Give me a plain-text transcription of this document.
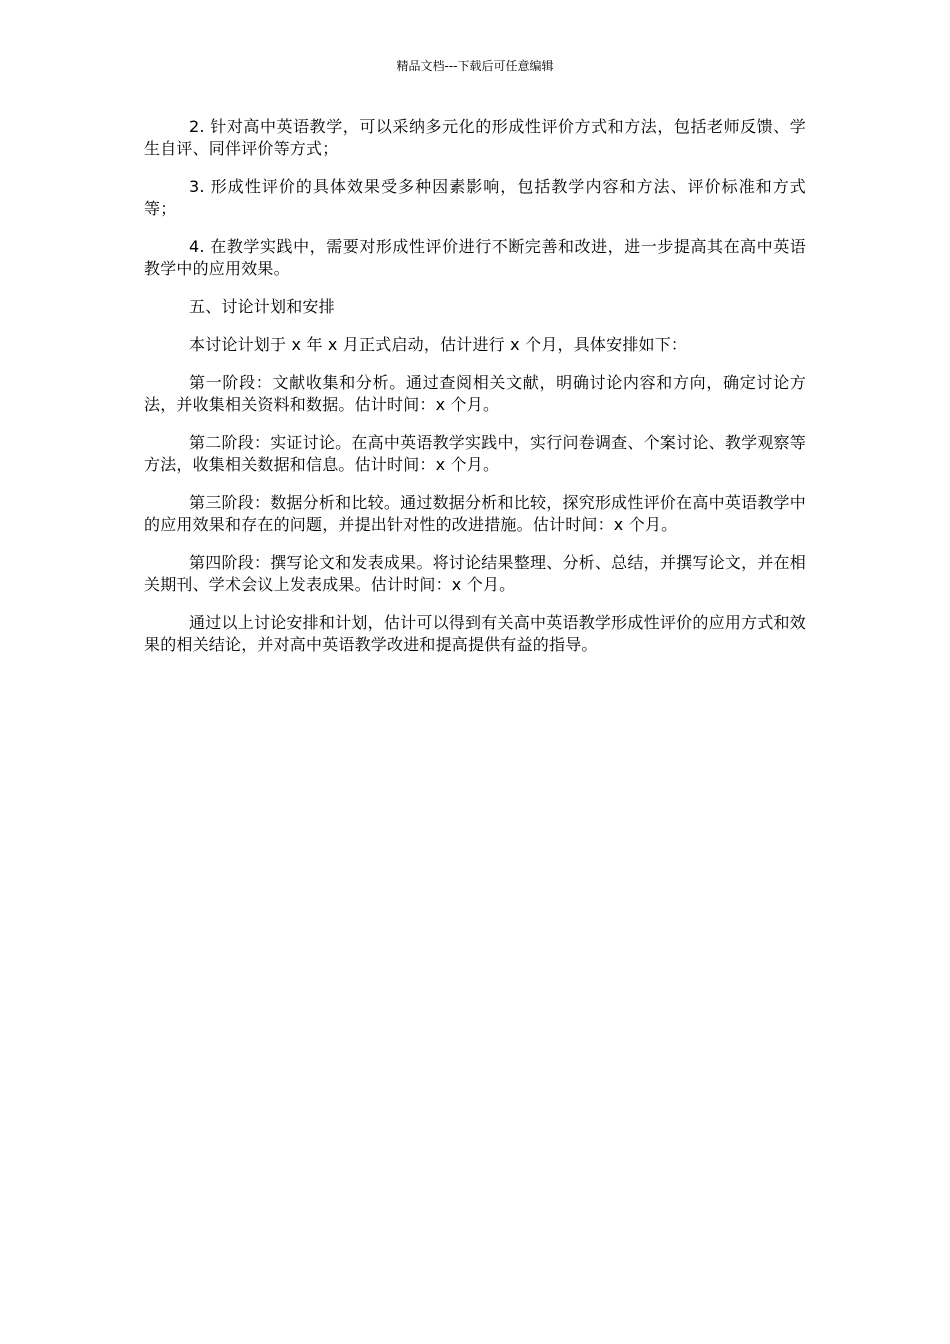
精品文档---下载后可任意编辑

2. 针对高中英语教学，可以采纳多元化的形成性评价方式和方法，包括老师反馈、学生自评、同伴评价等方式；

3. 形成性评价的具体效果受多种因素影响，包括教学内容和方法、评价标准和方式等；

4. 在教学实践中，需要对形成性评价进行不断完善和改进，进一步提高其在高中英语教学中的应用效果。

五、讨论计划和安排

本讨论计划于 x 年 x 月正式启动，估计进行 x 个月，具体安排如下：

第一阶段：文献收集和分析。通过查阅相关文献，明确讨论内容和方向，确定讨论方法，并收集相关资料和数据。估计时间：x 个月。

第二阶段：实证讨论。在高中英语教学实践中，实行问卷调查、个案讨论、教学观察等方法，收集相关数据和信息。估计时间：x 个月。

第三阶段：数据分析和比较。通过数据分析和比较，探究形成性评价在高中英语教学中的应用效果和存在的问题，并提出针对性的改进措施。估计时间：x 个月。

第四阶段：撰写论文和发表成果。将讨论结果整理、分析、总结，并撰写论文，并在相关期刊、学术会议上发表成果。估计时间：x 个月。

通过以上讨论安排和计划，估计可以得到有关高中英语教学形成性评价的应用方式和效果的相关结论，并对高中英语教学改进和提高提供有益的指导。
